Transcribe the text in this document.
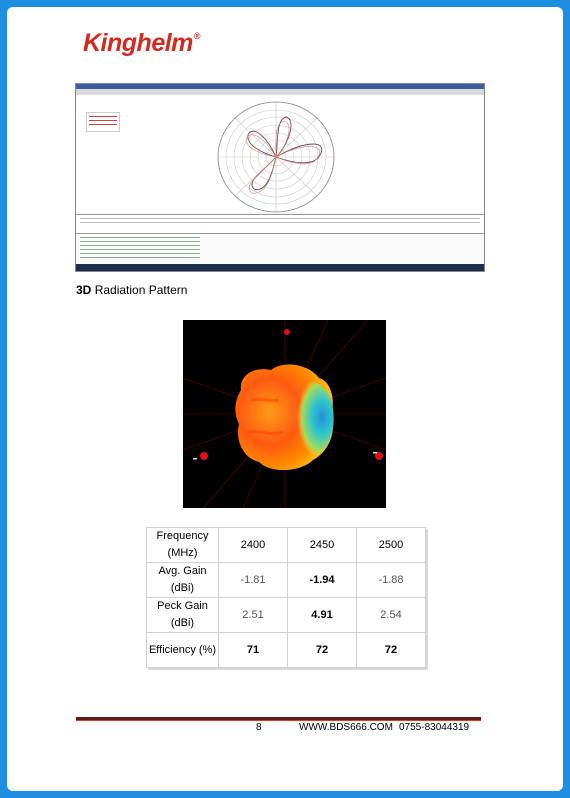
Kinghelm®
3D Radiation Pattern
Frequency (MHz)	2400	2450	2500
Avg. Gain (dBi)	-1.81	-1.94	-1.88
Peck Gain (dBi)	2.51	4.91	2.54
Efficiency (%)	71	72	72
8	WWW.BDS666.COM 0755-83044319
